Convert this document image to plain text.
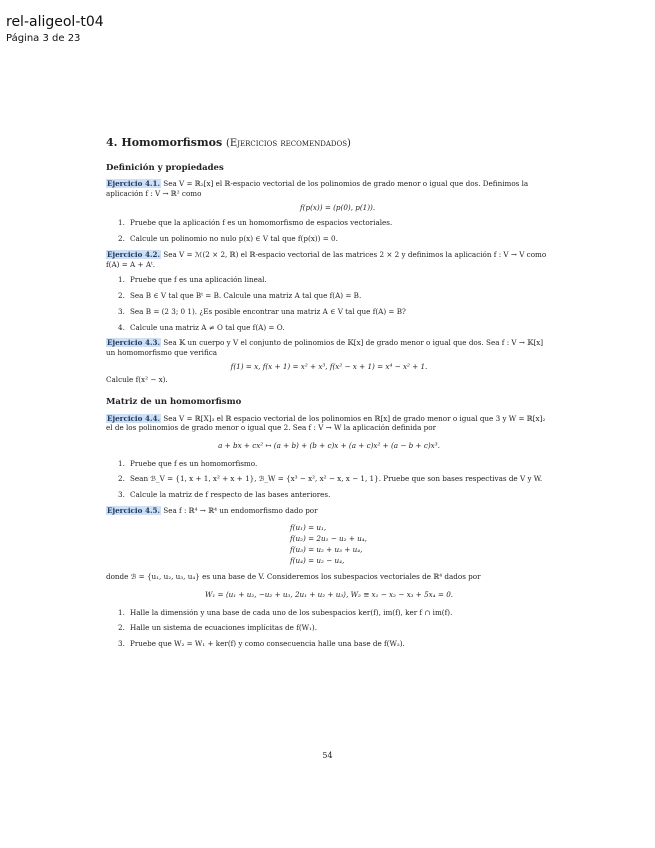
rel-aligeol-t04
Página 3 de 23
4. Homomorfismos (Ejercicios recomendados)
Definición y propiedades
Ejercicio 4.1. Sea V = ℝ₂[x] el ℝ-espacio vectorial de los polinomios de grado menor o igual que dos. Definimos la aplicación f : V → ℝ² como
f(p(x)) = (p(0), p(1)).
1. Pruebe que la aplicación f es un homomorfismo de espacios vectoriales.
2. Calcule un polinomio no nulo p(x) ∈ V tal que f(p(x)) = 0.
Ejercicio 4.2. Sea V = ℳ(2 × 2, ℝ) el ℝ-espacio vectorial de las matrices 2 × 2 y definimos la aplicación f : V → V como f(A) = A + Aᵗ.
1. Pruebe que f es una aplicación lineal.
2. Sea B ∈ V tal que Bᵗ = B. Calcule una matriz A tal que f(A) = B.
3. Sea B = (2 3; 0 1). ¿Es posible encontrar una matriz A ∈ V tal que f(A) = B?
4. Calcule una matriz A ≠ O tal que f(A) = O.
Ejercicio 4.3. Sea 𝕂 un cuerpo y V el conjunto de polinomios de 𝕂[x] de grado menor o igual que dos. Sea f : V → 𝕂[x] un homomorfismo que verifica
f(1) = x, f(x + 1) = x² + x³, f(x² − x + 1) = x⁴ − x² + 1.
Calcule f(x² − x).
Matriz de un homomorfismo
Ejercicio 4.4. Sea V = ℝ[X]₃ el ℝ espacio vectorial de los polinomios en ℝ[x] de grado menor o igual que 3 y W = ℝ[x]₂ el de los polinomios de grado menor o igual que 2. Sea f : V → W la aplicación definida por
a + bx + cx² ↦ (a + b) + (b + c)x + (a + c)x² + (a − b + c)x³.
1. Pruebe que f es un homomorfismo.
2. Sean ℬ_V = {1, x + 1, x² + x + 1}, ℬ_W = {x³ − x², x² − x, x − 1, 1}. Pruebe que son bases respectivas de V y W.
3. Calcule la matriz de f respecto de las bases anteriores.
Ejercicio 4.5. Sea f : ℝ⁴ → ℝ⁴ un endomorfismo dado por
f(u₁) = u₁,
f(u₂) = 2u₁ − u₂ + u₄,
f(u₃) = u₂ + u₃ + u₄,
f(u₄) = u₂ − u₄,
donde ℬ = {u₁, u₂, u₃, u₄} es una base de V. Consideremos los subespacios vectoriales de ℝ⁴ dados por
W₁ = ⟨u₁ + u₂, −u₂ + u₃, 2u₁ + u₂ + u₃⟩, W₂ ≡ x₁ − x₂ − x₃ + 5x₄ = 0.
1. Halle la dimensión y una base de cada uno de los subespacios ker(f), im(f), ker f ∩ im(f).
2. Halle un sistema de ecuaciones implícitas de f(W₁).
3. Pruebe que W₂ = W₁ + ker(f) y como consecuencia halle una base de f(W₂).
54
